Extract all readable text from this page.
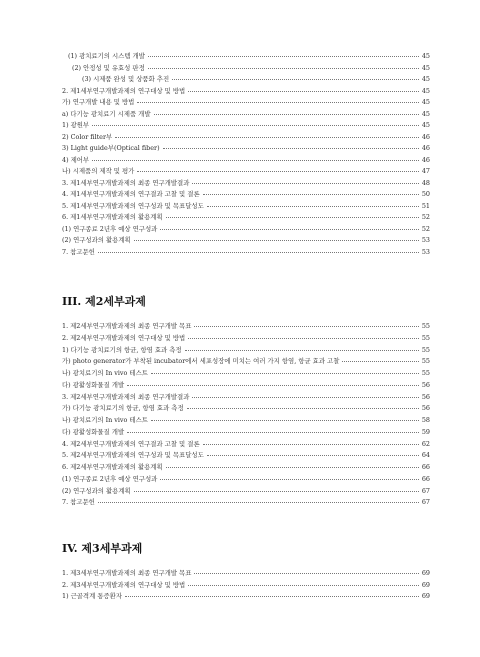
(1) 광치료기의 시스템 개발	45
(2) 안정성 및 유효성 판정	45
(3) 시제품 완성 및 상품화 추진	45
2. 제1세부연구개발과제의 연구대상 및 방법	45
가) 연구개발 내용 및 방법	45
a) 다기능 광치료기 시제품 개발	45
1) 광원부	45
2) Color filter부	46
3) Light guide부(Optical fiber)	46
4) 제어부	46
나) 시제품의 제작 및 평가	47
3. 제1세부연구개발과제의 최종 연구개발결과	48
4. 제1세부연구개발과제의 연구결과 고찰 및 결론	50
5. 제1세부연구개발과제의 연구성과 및 목표달성도	51
6. 제1세부연구개발과제의 활용계획	52
(1) 연구종료 2년후 예상 연구성과	52
(2) 연구성과의 활용계획	53
7. 참고문헌	53
III. 제2세부과제
1. 제2세부연구개발과제의 최종 연구개발 목표	55
2. 제2세부연구개발과제의 연구대상 및 방법	55
1) 다기능 광치료기의 항균, 항염 효과 측정	55
가) photo generator가 부착된 incubator에서 세포성장에 미치는 여러 가지 항염, 항균 효과 고찰	55
나) 광치료기의 In vivo 테스트	55
다) 광활성화물질 개발	56
3. 제2세부연구개발과제의 최종 연구개발결과	56
가) 다기능 광치료기의 항균, 항염 효과 측정	56
나) 광치료기의 In vivo 테스트	58
다) 광활성화물질 개발	59
4. 제2세부연구개발과제의 연구결과 고찰 및 결론	62
5. 제2세부연구개발과제의 연구성과 및 목표달성도	64
6. 제2세부연구개발과제의 활용계획	66
(1) 연구종료 2년후 예상 연구성과	66
(2) 연구성과의 활용계획	67
7. 참고문헌	67
IV. 제3세부과제
1. 제3세부연구개발과제의 최종 연구개발 목표	69
2. 제3세부연구개발과제의 연구대상 및 방법	69
1) 근골격계 통증환자	69
